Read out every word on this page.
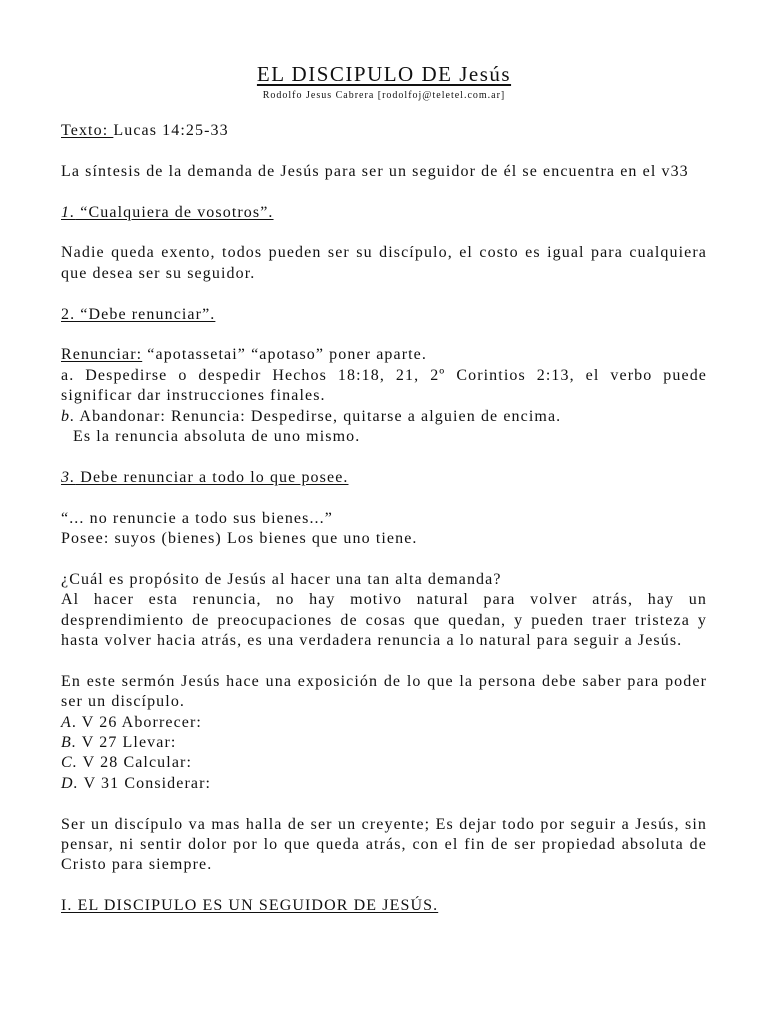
EL DISCIPULO DE Jesús
Rodolfo Jesus Cabrera [rodolfoj@teletel.com.ar]

Texto: Lucas 14:25-33

La síntesis de la demanda de Jesús para ser un seguidor de él se encuentra en el v33

1. “Cualquiera de vosotros”.

Nadie queda exento, todos pueden ser su discípulo, el costo es igual para cualquiera que desea ser su seguidor.

2. “Debe renunciar”.

Renunciar: “apotassetai” “apotaso” poner aparte.
a. Despedirse o despedir Hechos 18:18, 21, 2º Corintios 2:13, el verbo puede significar dar instrucciones finales.
b. Abandonar: Renuncia: Despedirse, quitarse a alguien de encima.
Es la renuncia absoluta de uno mismo.

3. Debe renunciar a todo lo que posee.

“... no renuncie a todo sus bienes...”
Posee: suyos (bienes) Los bienes que uno tiene.

¿Cuál es propósito de Jesús al hacer una tan alta demanda?
Al hacer esta renuncia, no hay motivo natural para volver atrás, hay un desprendimiento de preocupaciones de cosas que quedan, y pueden traer tristeza y hasta volver hacia atrás, es una verdadera renuncia a lo natural para seguir a Jesús.

En este sermón Jesús hace una exposición de lo que la persona debe saber para poder ser un discípulo.
A. V 26 Aborrecer:
B. V 27 Llevar:
C. V 28 Calcular:
D. V 31 Considerar:

Ser un discípulo va mas halla de ser un creyente; Es dejar todo por seguir a Jesús, sin pensar, ni sentir dolor por lo que queda atrás, con el fin de ser propiedad absoluta de Cristo para siempre.

I. EL DISCIPULO ES UN SEGUIDOR DE JESÚS.
